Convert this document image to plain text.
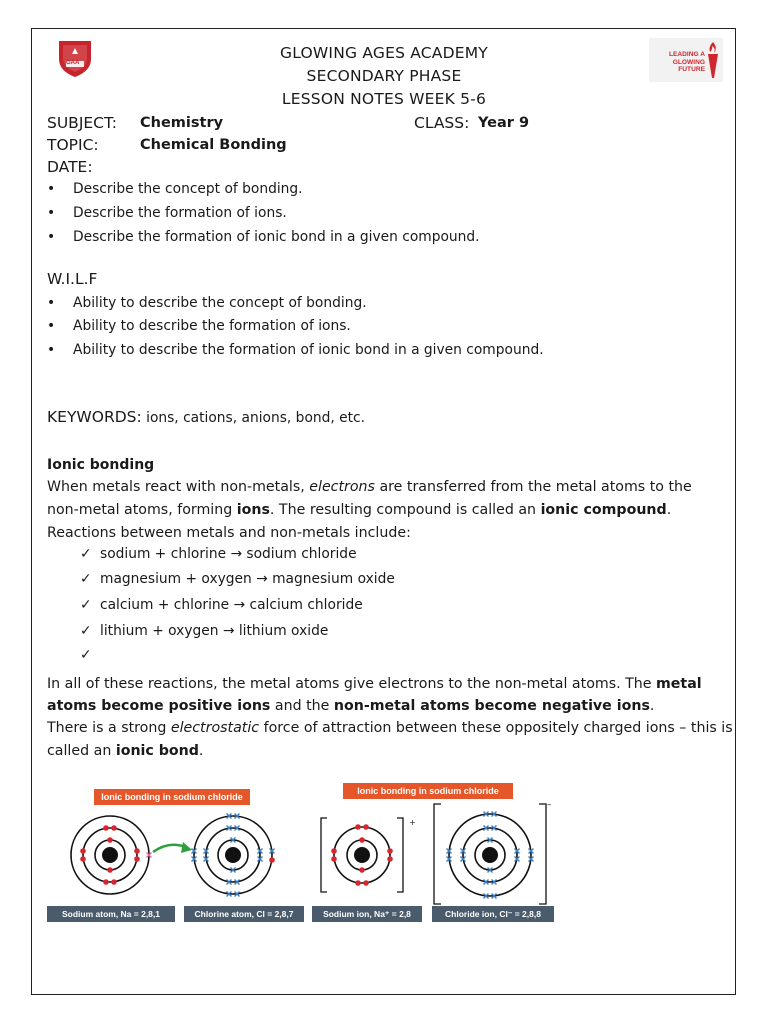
GAA
LEADING A GLOWING FUTURE
GLOWING AGES ACADEMY
SECONDARY PHASE
LESSON NOTES WEEK 5-6
SUBJECT: Chemistry	CLASS: Year 9
TOPIC:	Chemical Bonding
DATE:
• Describe the concept of bonding.
• Describe the formation of ions.
• Describe the formation of ionic bond in a given compound.
W.I.L.F
• Ability to describe the concept of bonding.
• Ability to describe the formation of ions.
• Ability to describe the formation of ionic bond in a given compound.
KEYWORDS: ions, cations, anions, bond, etc.
Ionic bonding
When metals react with non-metals, electrons are transferred from the metal atoms to the
non-metal atoms, forming ions. The resulting compound is called an ionic compound.
Reactions between metals and non-metals include:
✓ sodium + chlorine → sodium chloride
✓ magnesium + oxygen → magnesium oxide
✓ calcium + chlorine → calcium chloride
✓ lithium + oxygen → lithium oxide
✓
In all of these reactions, the metal atoms give electrons to the non-metal atoms. The metal
atoms become positive ions and the non-metal atoms become negative ions.
There is a strong electrostatic force of attraction between these oppositely charged ions – this is
called an ionic bond.
Ionic bonding in sodium chloride
Ionic bonding in sodium chloride
Sodium atom, Na = 2,8,1	Chlorine atom, Cl = 2,8,7	Sodium ion, Na⁺ = 2,8	Chloride ion, Cl⁻ = 2,8,8
+
–
